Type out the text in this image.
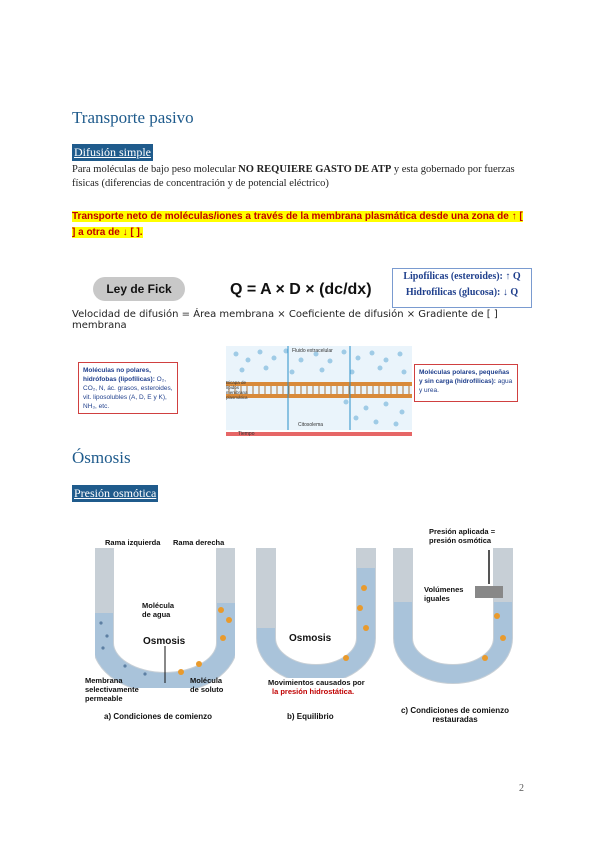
Transporte pasivo
Difusión simple
Para moléculas de bajo peso molecular NO REQUIERE GASTO DE ATP y esta gobernado por fuerzas físicas (diferencias de concentración y de potencial eléctrico)
Transporte neto de moléculas/iones a través de la membrana plasmática desde una zona de ↑ [
] a otra de ↓ [ ].
Ley de Fick	Q = A × D × (dc/dx)
Lipofílicas (esteroides): ↑ Q
Hidrofílicas (glucosa): ↓ Q
Velocidad de difusión = Área membrana × Coeficiente de difusión × Gradiente de [ ] membrana
Moléculas no polares, hidrófobas (lipofílicas): O₂, CO₂, N, ác. grasos, esteroides, vit. liposolubles (A, D, E y K), NH₃, etc.
Fluido extracelular
Bicapa de lípidos membrana plasmática
Citosolema
Tiempo
Moléculas polares, pequeñas y sin carga (hidrofílicas): agua y urea.
Ósmosis
Presión osmótica
Rama izquierda Rama derecha
Molécula de agua
Osmosis
Membrana selectivamente permeable
Molécula de soluto
a) Condiciones de comienzo
Osmosis
Movimientos causados por
la presión hidrostática.
b) Equilibrio
Presión aplicada = presión osmótica
Volúmenes iguales
c) Condiciones de comienzo restauradas
2
